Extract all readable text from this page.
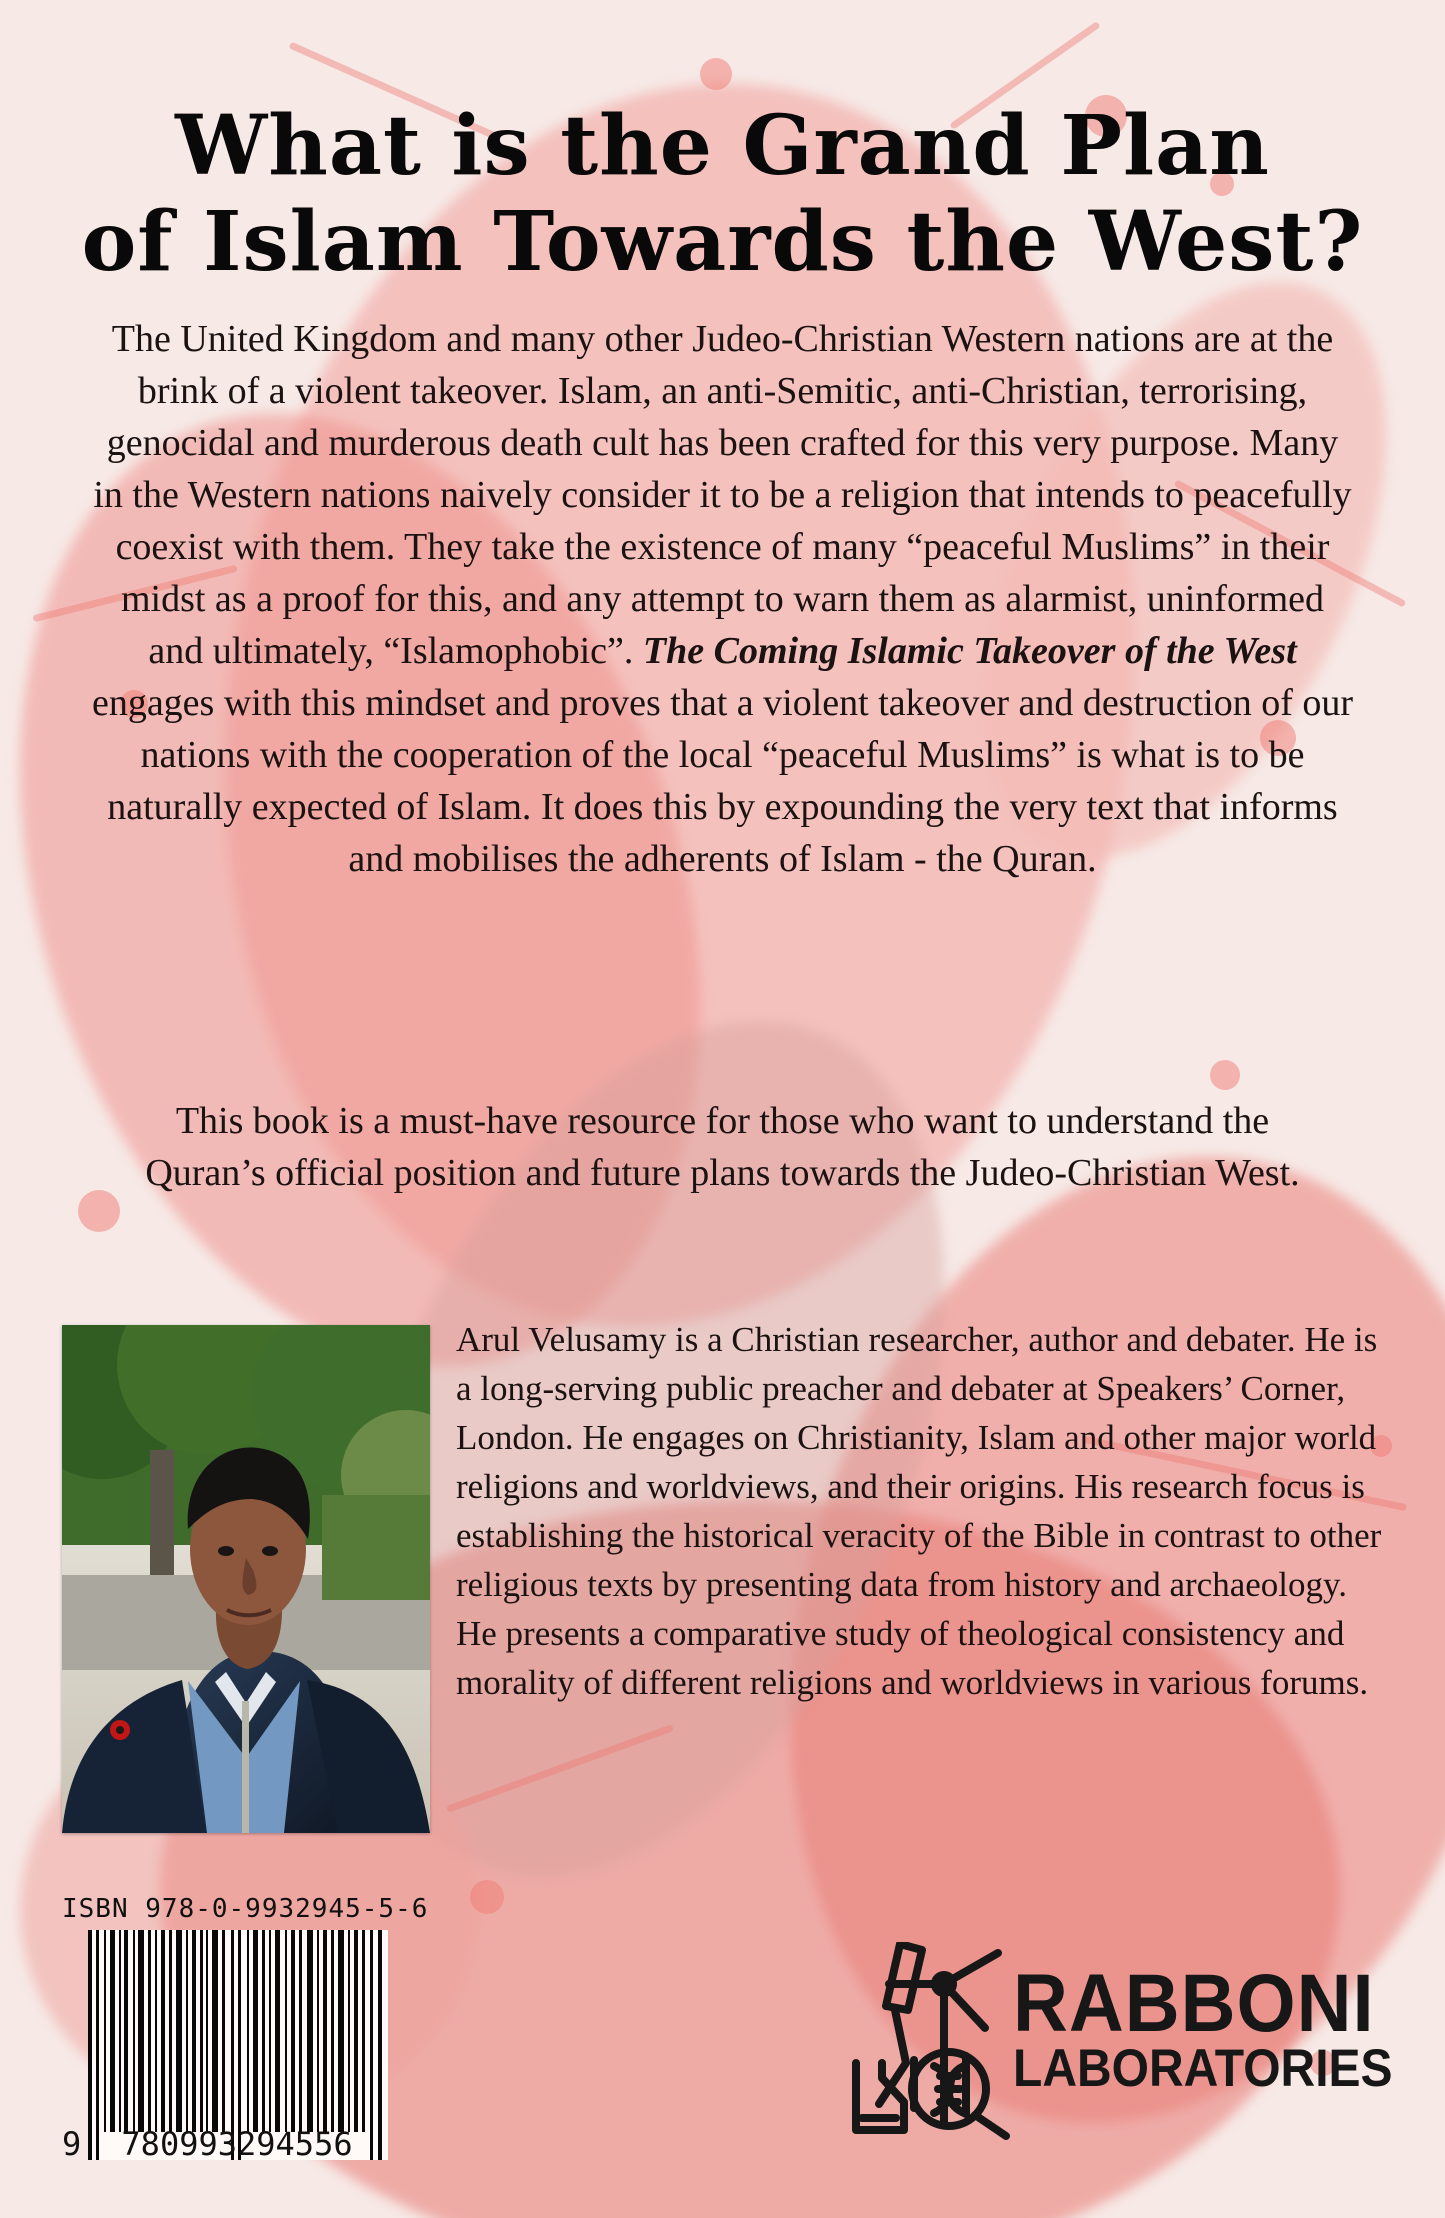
What is the Grand Plan
of Islam Towards the West?

The United Kingdom and many other Judeo-Christian Western nations are at the brink of a violent takeover. Islam, an anti-Semitic, anti-Christian, terrorising, genocidal and murderous death cult has been crafted for this very purpose. Many in the Western nations naively consider it to be a religion that intends to peacefully coexist with them. They take the existence of many “peaceful Muslims” in their midst as a proof for this, and any attempt to warn them as alarmist, uninformed and ultimately, “Islamophobic”. The Coming Islamic Takeover of the West engages with this mindset and proves that a violent takeover and destruction of our nations with the cooperation of the local “peaceful Muslims” is what is to be naturally expected of Islam. It does this by expounding the very text that informs and mobilises the adherents of Islam - the Quran.

This book is a must-have resource for those who want to understand the Quran’s official position and future plans towards the Judeo-Christian West.

Arul Velusamy is a Christian researcher, author and debater. He is a long-serving public preacher and debater at Speakers’ Corner, London. He engages on Christianity, Islam and other major world religions and worldviews, and their origins. His research focus is establishing the historical veracity of the Bible in contrast to other religious texts by presenting data from history and archaeology. He presents a comparative study of theological consistency and morality of different religions and worldviews in various forums.

ISBN 978-0-9932945-5-6
9	780993294556
RABBONI
LABORATORIES
